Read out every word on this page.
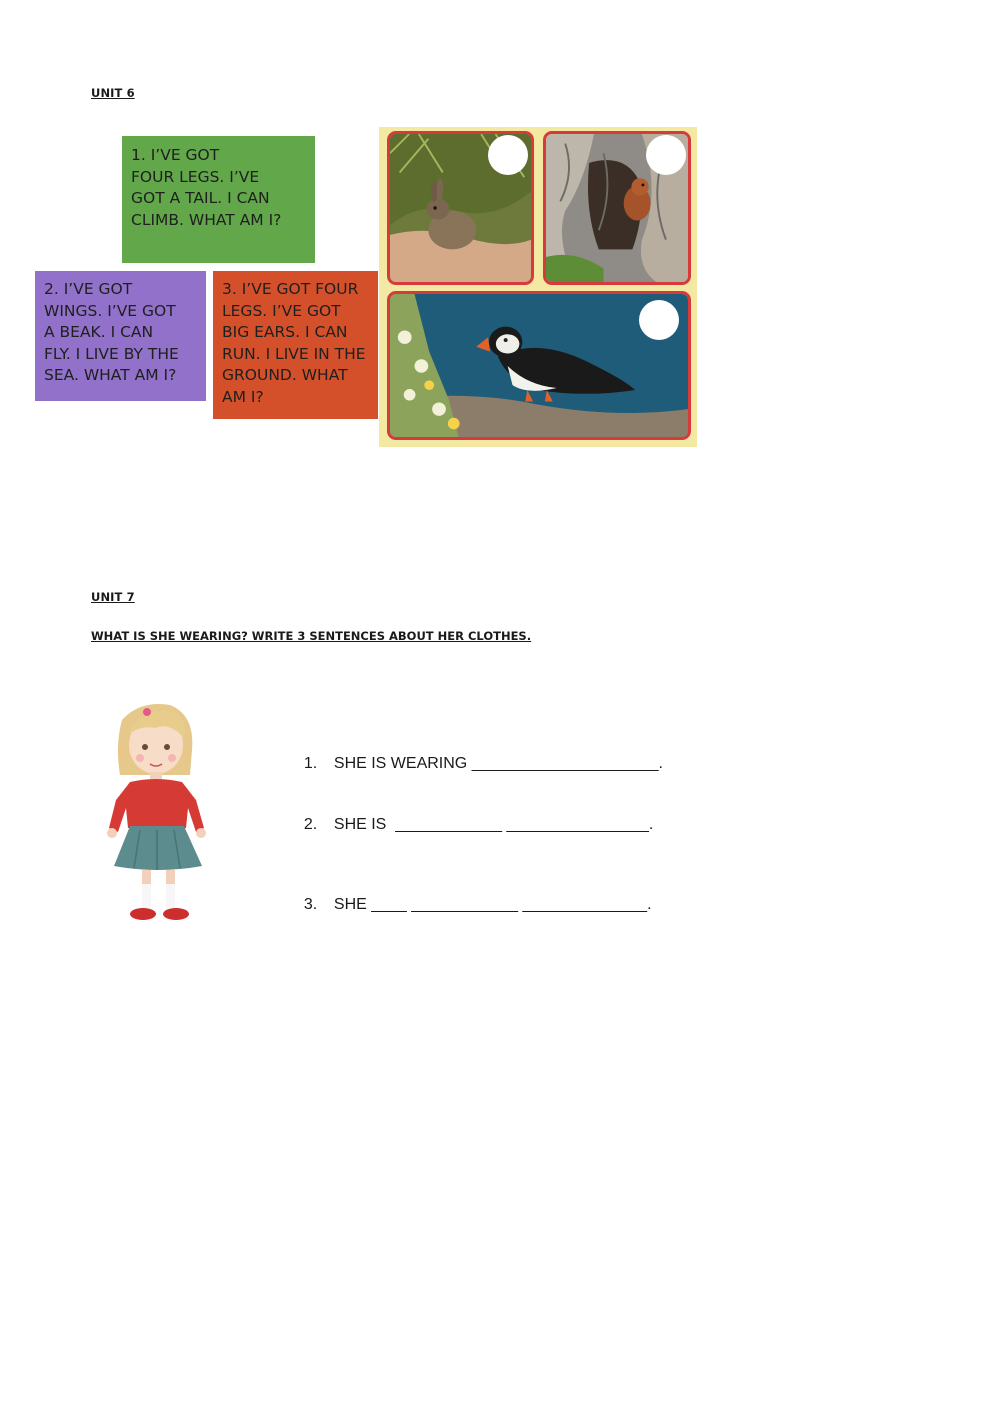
UNIT 6
1. I’VE GOT
FOUR LEGS. I’VE
GOT A TAIL. I CAN
CLIMB. WHAT AM I?
2. I’VE GOT
WINGS. I’VE GOT
A BEAK. I CAN
FLY. I LIVE BY THE
SEA. WHAT AM I?
3. I’VE GOT FOUR
LEGS. I’VE GOT
BIG EARS. I CAN
RUN. I LIVE IN THE
GROUND. WHAT
AM I?
UNIT 7
WHAT IS SHE WEARING? WRITE 3 SENTENCES ABOUT HER CLOTHES.

1. SHE IS WEARING _____________________.

2. SHE IS  ____________ ________________.

3. SHE ____ ____________ ______________.
